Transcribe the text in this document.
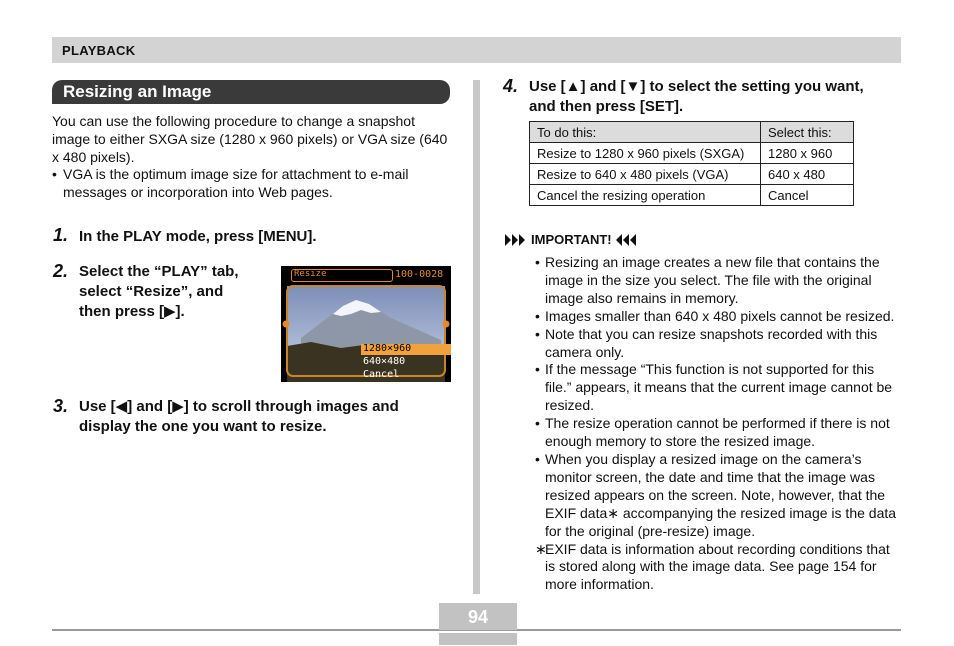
PLAYBACK
Resizing an Image
You can use the following procedure to change a snapshot image to either SXGA size (1280 x 960 pixels) or VGA size (640 x 480 pixels).
• VGA is the optimum image size for attachment to e-mail messages or incorporation into Web pages.
1. In the PLAY mode, press [MENU].
2. Select the “PLAY” tab, select “Resize”, and then press [▶].
Resize	100-0028
1280×960
640×480
Cancel
3. Use [◀] and [▶] to scroll through images and display the one you want to resize.
4. Use [▲] and [▼] to select the setting you want, and then press [SET].
To do this:	Select this:
Resize to 1280 x 960 pixels (SXGA)	1280 x 960
Resize to 640 x 480 pixels (VGA)	640 x 480
Cancel the resizing operation	Cancel
IMPORTANT!
• Resizing an image creates a new file that contains the image in the size you select. The file with the original image also remains in memory.
• Images smaller than 640 x 480 pixels cannot be resized.
• Note that you can resize snapshots recorded with this camera only.
• If the message “This function is not supported for this file.” appears, it means that the current image cannot be resized.
• The resize operation cannot be performed if there is not enough memory to store the resized image.
• When you display a resized image on the camera’s monitor screen, the date and time that the image was resized appears on the screen. Note, however, that the EXIF data∗ accompanying the resized image is the data for the original (pre-resize) image.
∗
EXIF data is information about recording conditions that is stored along with the image data. See page 154 for more information.
94
